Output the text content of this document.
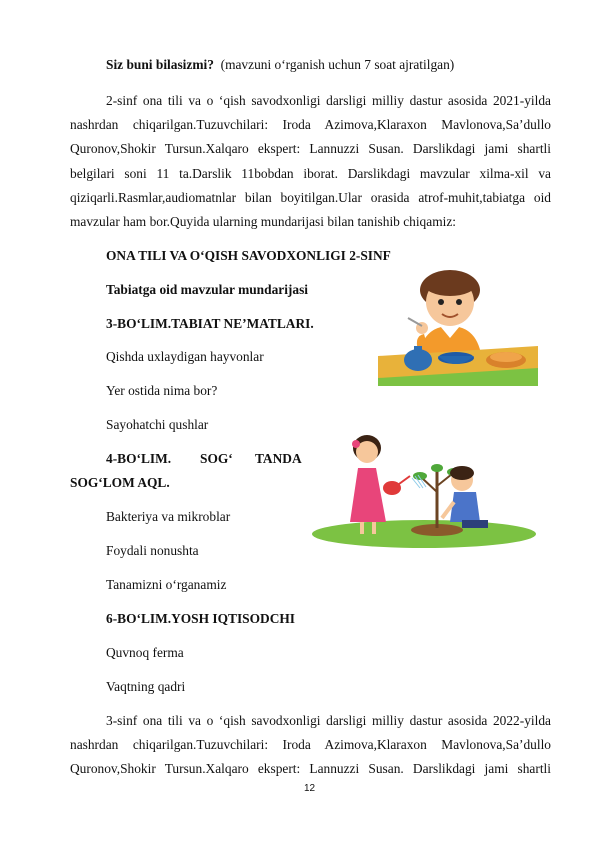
Siz buni bilasizmi? (mavzuni o‘rganish uchun 7 soat ajratilgan)
2-sinf ona tili va o ‘qish savodxonligi darsligi milliy dastur asosida 2021-yilda
nashrdan chiqarilgan.Tuzuvchilari: Iroda Azimova,Klaraxon Mavlonova,Sa’dullo
Quronov,Shokir Tursun.Xalqaro ekspert: Lannuzzi Susan. Darslikdagi jami shartli
belgilari soni 11 ta.Darslik 11bobdan iborat. Darslikdagi mavzular xilma-xil va
qiziqarli.Rasmlar,audiomatnlar bilan boyitilgan.Ular orasida atrof-muhit,tabiatga oid
mavzular ham bor.Quyida ularning mundarijasi bilan tanishib chiqamiz:
ONA TILI VA O‘QISH SAVODXONLIGI 2-SINF
Tabiatga oid mavzular mundarijasi
3-BO‘LIM.TABIAT NE’MATLARI.
Qishda uxlaydigan hayvonlar
Yer ostida nima bor?
Sayohatchi qushlar
4-BO‘LIM. SOG‘ TANDA
SOG‘LOM AQL.
Bakteriya va mikroblar
Foydali nonushta
Tanamizni o‘rganamiz
6-BO‘LIM.YOSH IQTISODCHI
Quvnoq ferma
Vaqtning qadri
3-sinf ona tili va o ‘qish savodxonligi darsligi milliy dastur asosida 2022-yilda
nashrdan chiqarilgan.Tuzuvchilari: Iroda Azimova,Klaraxon Mavlonova,Sa’dullo
Quronov,Shokir Tursun.Xalqaro ekspert: Lannuzzi Susan. Darslikdagi jami shartli
12
